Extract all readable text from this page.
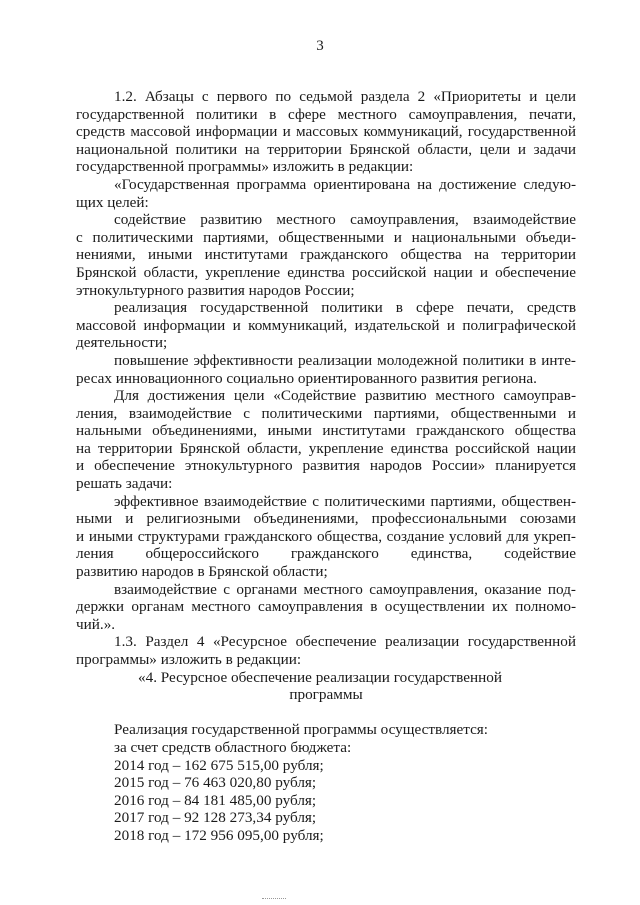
3
1.2. Абзацы с первого по седьмой раздела 2 «Приоритеты и цели
государственной политики в сфере местного самоуправления, печати,
средств массовой информации и массовых коммуникаций, государственной
национальной политики на территории Брянской области, цели и задачи
государственной программы» изложить в редакции:
«Государственная программа ориентирована на достижение следую-
щих целей:
содействие развитию местного самоуправления, взаимодействие
с политическими партиями, общественными и национальными объеди-
нениями, иными институтами гражданского общества на территории
Брянской области, укрепление единства российской нации и обеспечение
этнокультурного развития народов России;
реализация государственной политики в сфере печати, средств
массовой информации и коммуникаций, издательской и полиграфической
деятельности;
повышение эффективности реализации молодежной политики в инте-
ресах инновационного социально ориентированного развития региона.
Для достижения цели «Содействие развитию местного самоуправ-
ления, взаимодействие с политическими партиями, общественными и
нальными объединениями, иными институтами гражданского общества
на территории Брянской области, укрепление единства российской нации
и обеспечение этнокультурного развития народов России» планируется
решать задачи:
эффективное взаимодействие с политическими партиями, обществен-
ными и религиозными объединениями, профессиональными союзами
и иными структурами гражданского общества, создание условий для укреп-
ления общероссийского гражданского единства, содействие
развитию народов в Брянской области;
взаимодействие с органами местного самоуправления, оказание под-
держки органам местного самоуправления в осуществлении их полномо-
чий.».
1.3. Раздел 4 «Ресурсное обеспечение реализации государственной
программы» изложить в редакции:
«4. Ресурсное обеспечение реализации государственной
программы
Реализация государственной программы осуществляется:
за счет средств областного бюджета:
2014 год – 162 675 515,00 рубля;
2015 год – 76 463 020,80 рубля;
2016 год – 84 181 485,00 рубля;
2017 год – 92 128 273,34 рубля;
2018 год – 172 956 095,00 рубля;
